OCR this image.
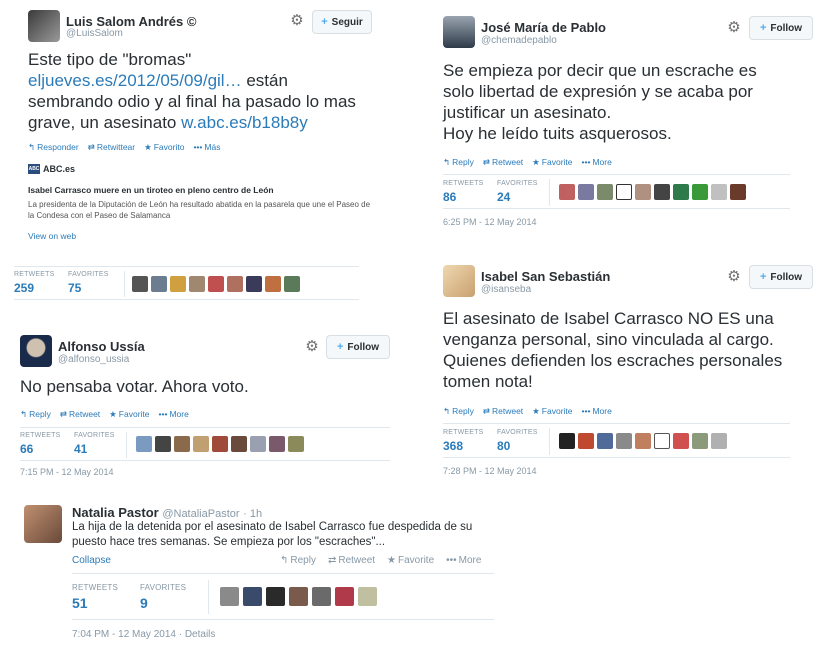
Luis Salom Andrés ©
@LuisSalom
⚙ + Seguir
Este tipo de "bromas"
eljueves.es/2012/05/09/gil… están
sembrando odio y al final ha pasado lo mas
grave, un asesinato w.abc.es/b18b8y
↰ Responder ⇄ Retwittear ★ Favorito ••• Más
ABC ABC.es
Isabel Carrasco muere en un tiroteo en pleno centro de León
La presidenta de la Diputación de León ha resultado abatida en la pasarela que une el Paseo de la Condesa con el Paseo de Salamanca
View on web
RETWEETS
259
FAVORITES
75
José María de Pablo
@chemadepablo
⚙ + Follow
Se empieza por decir que un escrache es
solo libertad de expresión y se acaba por
justificar un asesinato.
Hoy he leído tuits asquerosos.
↰ Reply ⇄ Retweet ★ Favorite ••• More
RETWEETS
86
FAVORITES
24
6:25 PM - 12 May 2014
Isabel San Sebastián
@isanseba
⚙ + Follow
El asesinato de Isabel Carrasco NO ES una
venganza personal, sino vinculada al cargo.
Quienes defienden los escraches personales
tomen nota!
↰ Reply ⇄ Retweet ★ Favorite ••• More
RETWEETS
368
FAVORITES
80
7:28 PM - 12 May 2014
Alfonso Ussía
@alfonso_ussia
⚙ + Follow
No pensaba votar. Ahora voto.
↰ Reply ⇄ Retweet ★ Favorite ••• More
RETWEETS
66
FAVORITES
41
7:15 PM - 12 May 2014
Natalia Pastor @NataliaPastor · 1h
La hija de la detenida por el asesinato de Isabel Carrasco fue despedida de su
puesto hace tres semanas. Se empieza por los "escraches"...
Collapse	↰ Reply ⇄ Retweet ★ Favorite ••• More
RETWEETS
51
FAVORITES
9
7:04 PM - 12 May 2014 · Details
